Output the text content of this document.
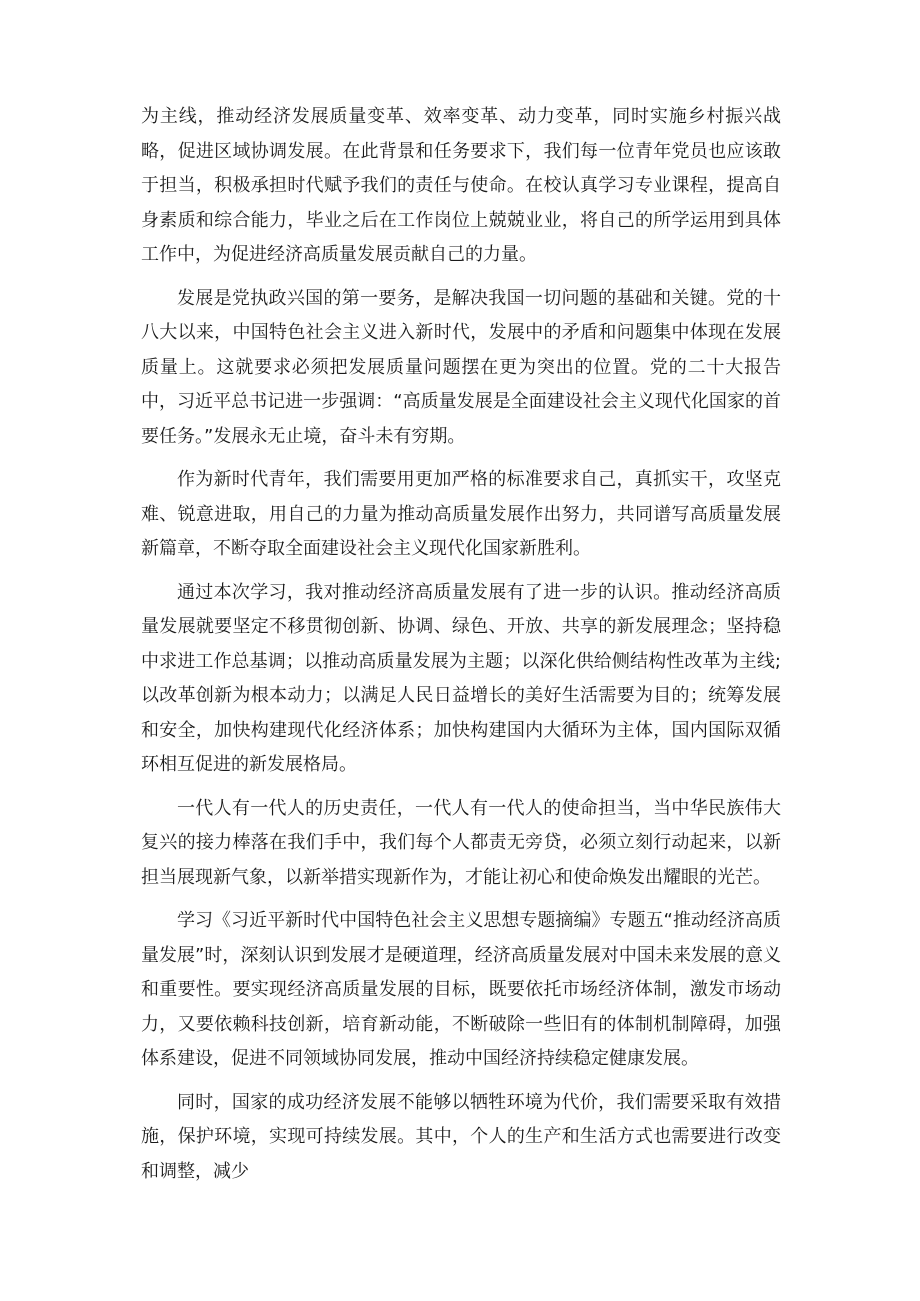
为主线，推动经济发展质量变革、效率变革、动力变革，同时实施乡村振兴战略，促进区域协调发展。在此背景和任务要求下，我们每一位青年党员也应该敢于担当，积极承担时代赋予我们的责任与使命。在校认真学习专业课程，提高自身素质和综合能力，毕业之后在工作岗位上兢兢业业，将自己的所学运用到具体工作中，为促进经济高质量发展贡献自己的力量。

发展是党执政兴国的第一要务，是解决我国一切问题的基础和关键。党的十八大以来，中国特色社会主义进入新时代，发展中的矛盾和问题集中体现在发展质量上。这就要求必须把发展质量问题摆在更为突出的位置。党的二十大报告中，习近平总书记进一步强调：“高质量发展是全面建设社会主义现代化国家的首要任务。”发展永无止境，奋斗未有穷期。

作为新时代青年，我们需要用更加严格的标准要求自己，真抓实干，攻坚克难、锐意进取，用自己的力量为推动高质量发展作出努力，共同谱写高质量发展新篇章，不断夺取全面建设社会主义现代化国家新胜利。

通过本次学习，我对推动经济高质量发展有了进一步的认识。推动经济高质量发展就要坚定不移贯彻创新、协调、绿色、开放、共享的新发展理念；坚持稳中求进工作总基调；以推动高质量发展为主题；以深化供给侧结构性改革为主线;以改革创新为根本动力；以满足人民日益增长的美好生活需要为目的；统筹发展和安全，加快构建现代化经济体系；加快构建国内大循环为主体，国内国际双循环相互促进的新发展格局。

一代人有一代人的历史责任，一代人有一代人的使命担当，当中华民族伟大复兴的接力棒落在我们手中，我们每个人都责无旁贷，必须立刻行动起来，以新担当展现新气象，以新举措实现新作为，才能让初心和使命焕发出耀眼的光芒。

学习《习近平新时代中国特色社会主义思想专题摘编》专题五“推动经济高质量发展”时，深刻认识到发展才是硬道理，经济高质量发展对中国未来发展的意义和重要性。要实现经济高质量发展的目标，既要依托市场经济体制，激发市场动力，又要依赖科技创新，培育新动能，不断破除一些旧有的体制机制障碍，加强体系建设，促进不同领域协同发展，推动中国经济持续稳定健康发展。

同时，国家的成功经济发展不能够以牺牲环境为代价，我们需要采取有效措施，保护环境，实现可持续发展。其中，个人的生产和生活方式也需要进行改变和调整，减少
